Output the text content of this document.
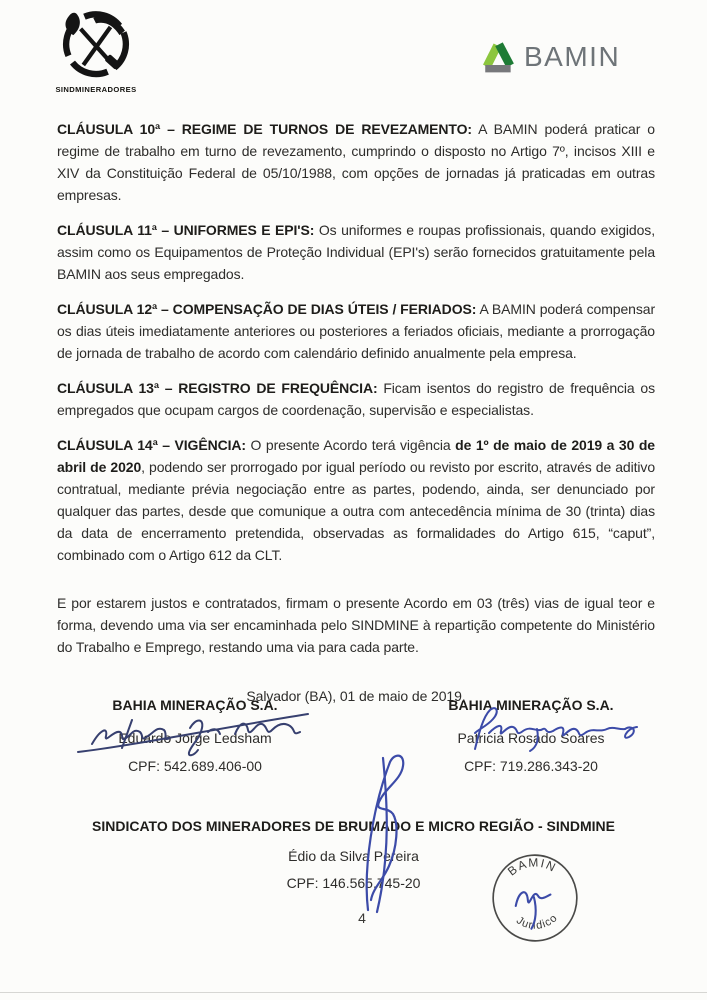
SINDMINERADORES
BAMIN

CLÁUSULA 10ª – REGIME DE TURNOS DE REVEZAMENTO: A BAMIN poderá praticar o regime de trabalho em turno de revezamento, cumprindo o disposto no Artigo 7º, incisos XIII e XIV da Constituição Federal de 05/10/1988, com opções de jornadas já praticadas em outras empresas.

CLÁUSULA 11ª – UNIFORMES E EPI'S: Os uniformes e roupas profissionais, quando exigidos, assim como os Equipamentos de Proteção Individual (EPI's) serão fornecidos gratuitamente pela BAMIN aos seus empregados.

CLÁUSULA 12ª – COMPENSAÇÃO DE DIAS ÚTEIS / FERIADOS: A BAMIN poderá compensar os dias úteis imediatamente anteriores ou posteriores a feriados oficiais, mediante a prorrogação de jornada de trabalho de acordo com calendário definido anualmente pela empresa.

CLÁUSULA 13ª – REGISTRO DE FREQUÊNCIA: Ficam isentos do registro de frequência os empregados que ocupam cargos de coordenação, supervisão e especialistas.

CLÁUSULA 14ª – VIGÊNCIA: O presente Acordo terá vigência de 1º de maio de 2019 a 30 de abril de 2020, podendo ser prorrogado por igual período ou revisto por escrito, através de aditivo contratual, mediante prévia negociação entre as partes, podendo, ainda, ser denunciado por qualquer das partes, desde que comunique a outra com antecedência mínima de 30 (trinta) dias da data de encerramento pretendida, observadas as formalidades do Artigo 615, “caput”, combinado com o Artigo 612 da CLT.

E por estarem justos e contratados, firmam o presente Acordo em 03 (três) vias de igual teor e forma, devendo uma via ser encaminhada pelo SINDMINE à repartição competente do Ministério do Trabalho e Emprego, restando uma via para cada parte.

Salvador (BA), 01 de maio de 2019.

BAHIA MINERAÇÃO S.A.
Eduardo Jorge Ledsham
CPF: 542.689.406-00
BAHIA MINERAÇÃO S.A.
Patricia Rosado Soares
CPF: 719.286.343-20
SINDICATO DOS MINERADORES DE BRUMADO E MICRO REGIÃO - SINDMINE
Édio da Silva Pereira
CPF: 146.565.745-20
BAMIN
Jurídico
4
